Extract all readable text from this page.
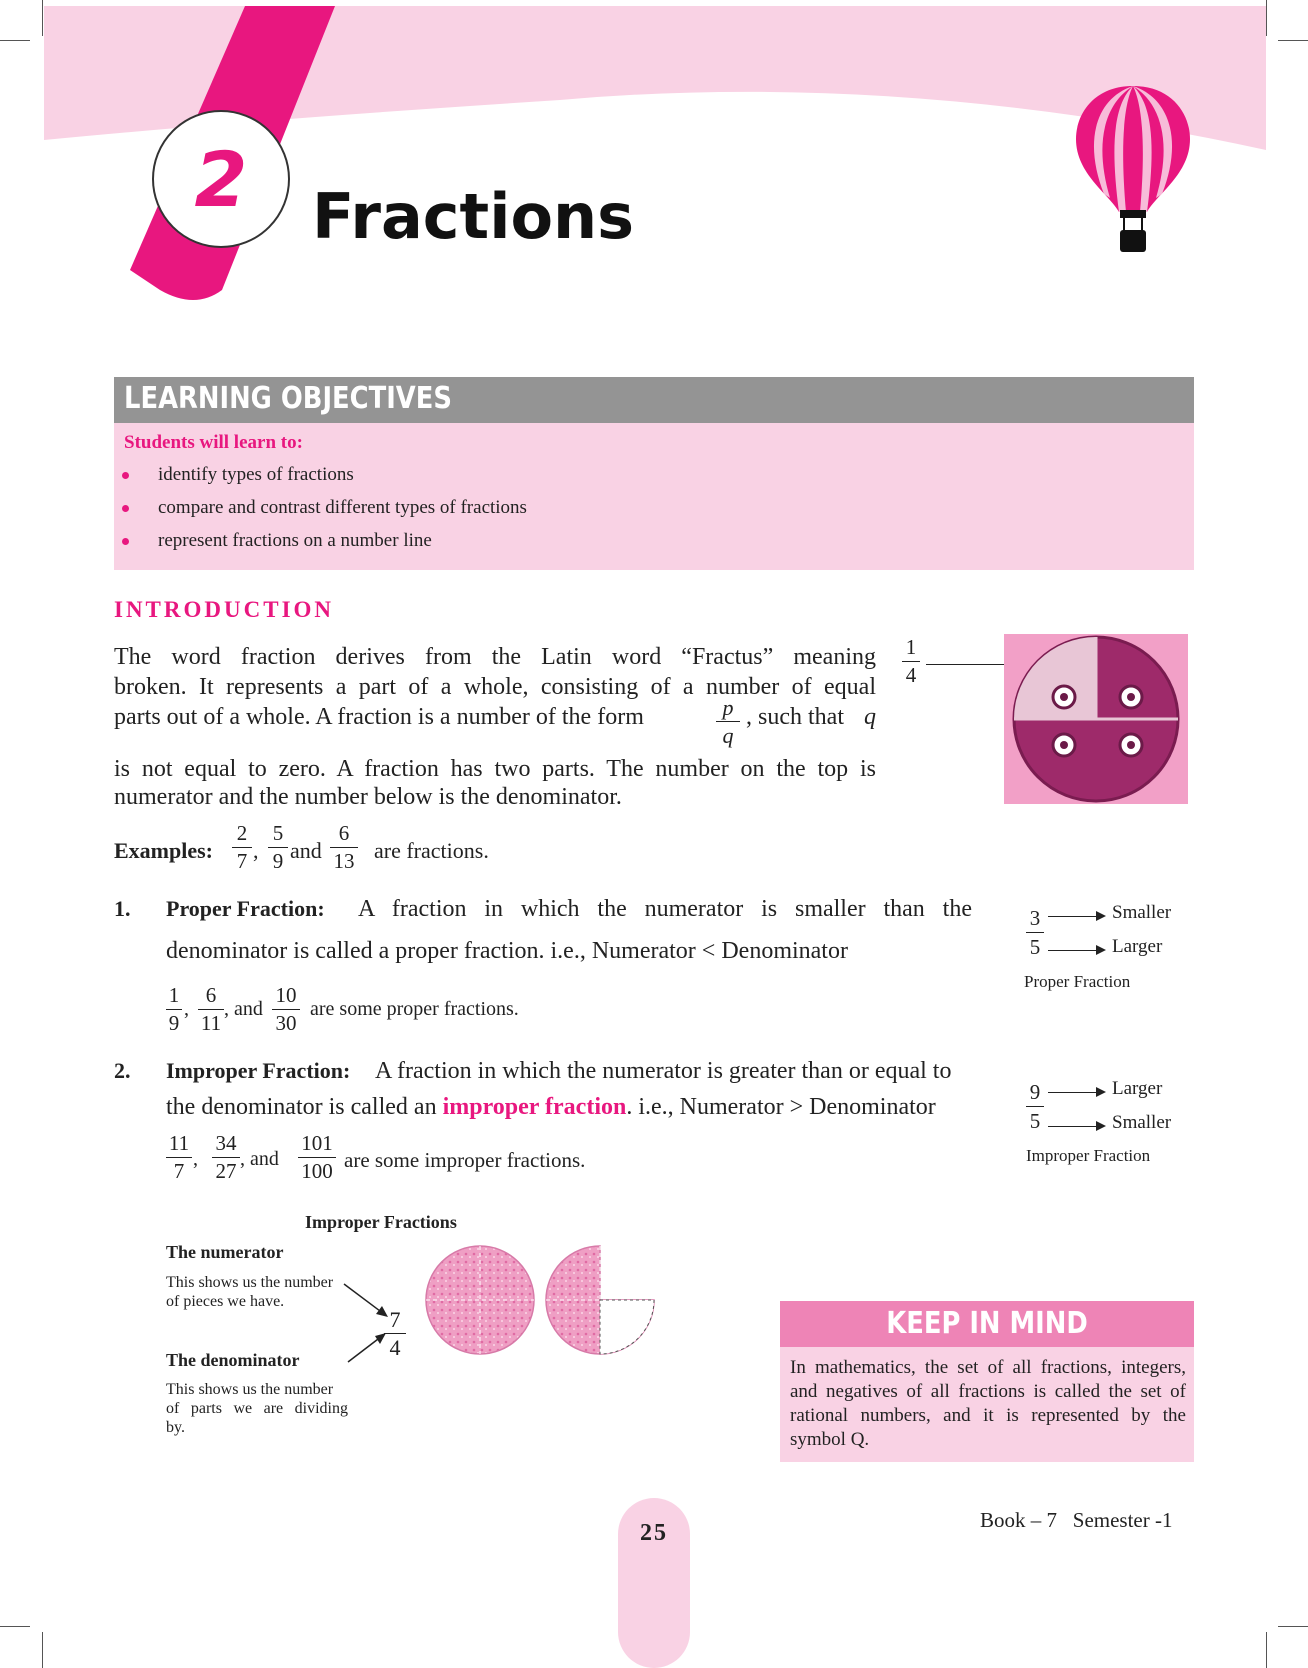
2	Fractions
LEARNING OBJECTIVES
Students will learn to:
identify types of fractions
compare and contrast different types of fractions
represent fractions on a number line
INTRODUCTION
The word fraction derives from the Latin word “Fractus” meaning
broken. It represents a part of a whole, consisting of a number of equal
parts out of a whole. A fraction is a number of the form	p
q
, such that q
is not equal to zero. A fraction has two parts. The number on the top is
numerator and the number below is the denominator.
1
4
Examples:
2
7 ,
5
9 and
6
13 are fractions.
1. Proper Fraction: A fraction in which the numerator is smaller than the
denominator is called a proper fraction. i.e., Numerator < Denominator
1
9
,
6
11
, and
10
30
are some proper fractions.
3
5
Smaller
Larger
Proper Fraction
2. Improper Fraction: A fraction in which the numerator is greater than or equal to
the denominator is called an improper fraction. i.e., Numerator > Denominator
11
7 ,
34
27 , and
101
100 are some improper fractions.
9
5
Larger
Smaller
Improper Fraction
Improper Fractions
The numerator
This shows us the number
of pieces we have.
The denominator
This shows us the number
of parts we are dividing
by.
7
4
KEEP IN MIND
In mathematics, the set of all fractions, integers, and negatives of all fractions is called the set of rational numbers, and it is represented by the symbol Q.
25	Book – 7 Semester -1
